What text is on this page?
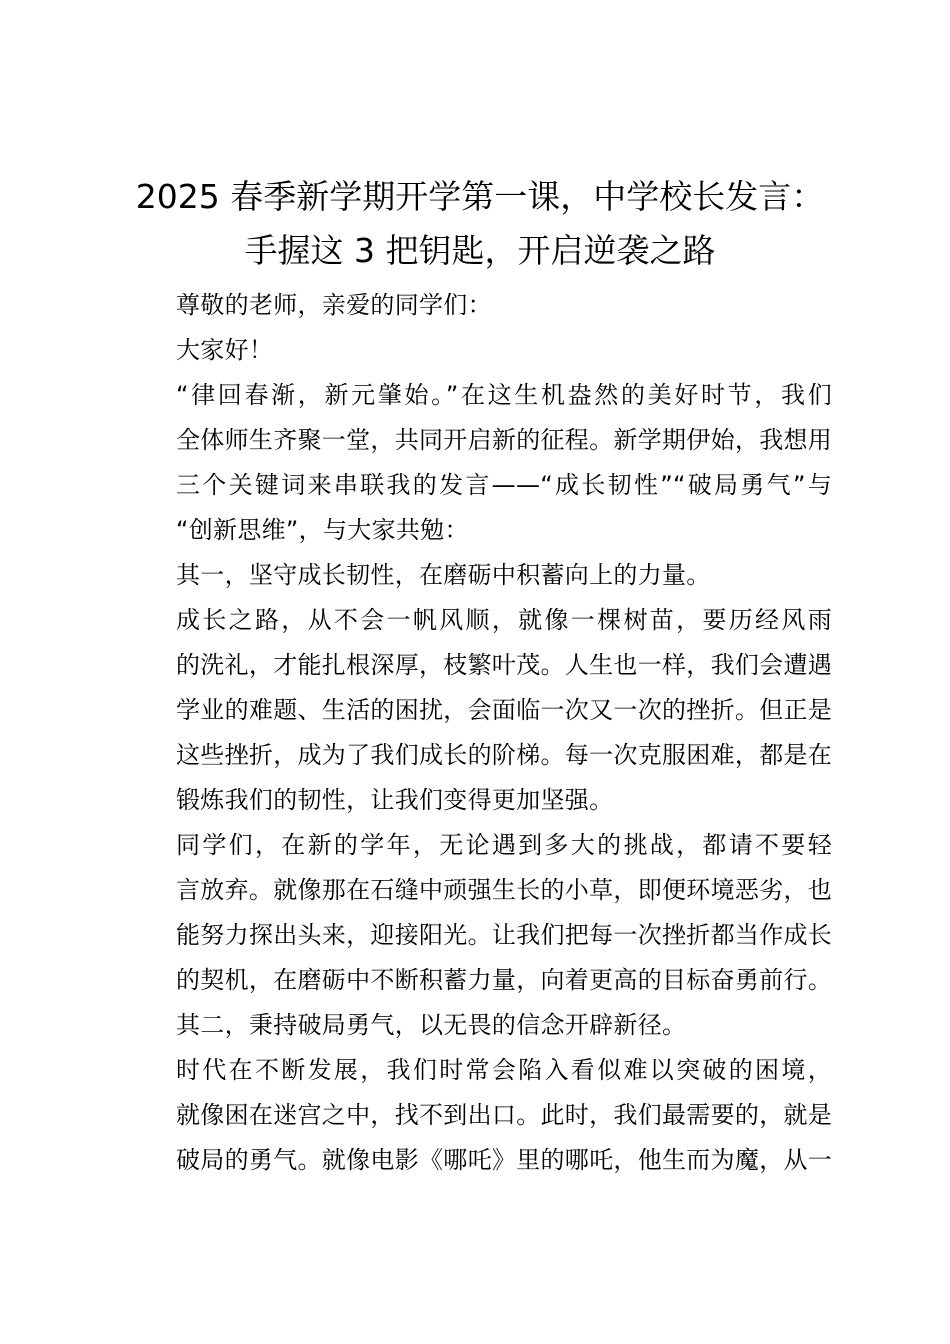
2025 春季新学期开学第一课，中学校长发言：
手握这 3 把钥匙，开启逆袭之路

尊敬的老师，亲爱的同学们：

大家好！

“律回春渐，新元肇始。”在这生机盎然的美好时节，我们
全体师生齐聚一堂，共同开启新的征程。新学期伊始，我想用
三个关键词来串联我的发言——“成长韧性”“破局勇气”与
“创新思维”，与大家共勉：

其一，坚守成长韧性，在磨砺中积蓄向上的力量。

成长之路，从不会一帆风顺，就像一棵树苗，要历经风雨
的洗礼，才能扎根深厚，枝繁叶茂。人生也一样，我们会遭遇
学业的难题、生活的困扰，会面临一次又一次的挫折。但正是
这些挫折，成为了我们成长的阶梯。每一次克服困难，都是在
锻炼我们的韧性，让我们变得更加坚强。

同学们，在新的学年，无论遇到多大的挑战，都请不要轻
言放弃。就像那在石缝中顽强生长的小草，即便环境恶劣，也
能努力探出头来，迎接阳光。让我们把每一次挫折都当作成长
的契机，在磨砺中不断积蓄力量，向着更高的目标奋勇前行。

其二，秉持破局勇气，以无畏的信念开辟新径。

时代在不断发展，我们时常会陷入看似难以突破的困境，
就像困在迷宫之中，找不到出口。此时，我们最需要的，就是
破局的勇气。就像电影《哪吒》里的哪吒，他生而为魔，从一
